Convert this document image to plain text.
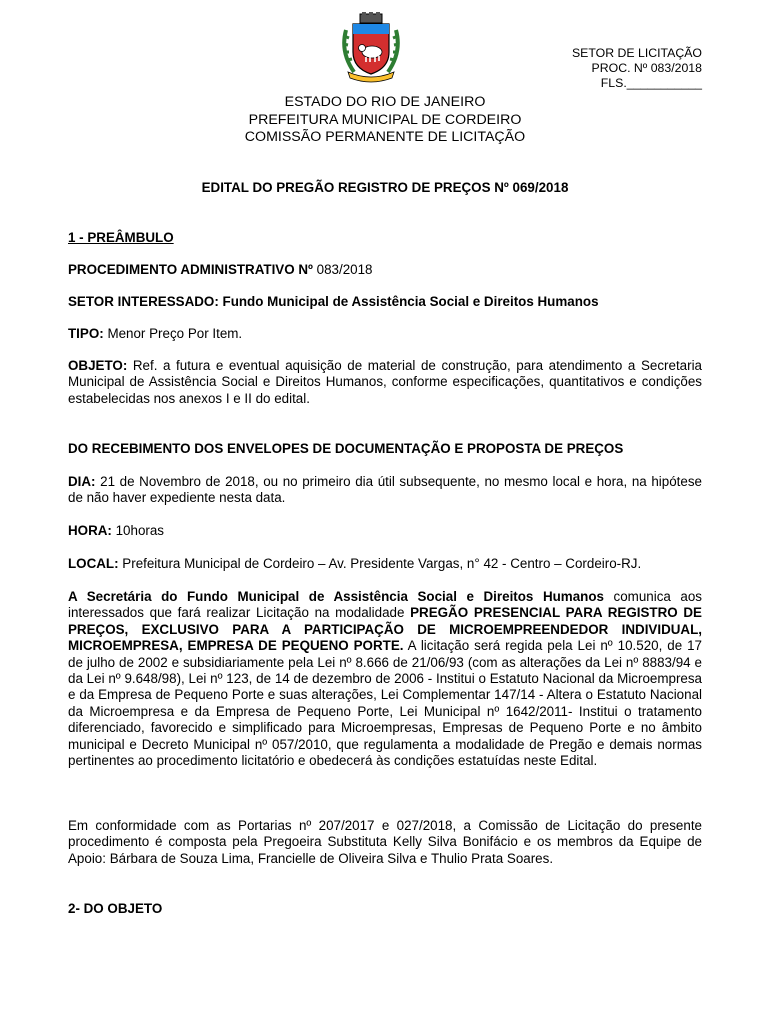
SETOR DE LICITAÇÃO
PROC. Nº 083/2018
FLS.___________
ESTADO DO RIO DE JANEIRO
PREFEITURA MUNICIPAL DE CORDEIRO
COMISSÃO PERMANENTE DE LICITAÇÃO
EDITAL DO PREGÃO REGISTRO DE PREÇOS Nº 069/2018
1 - PREÂMBULO
PROCEDIMENTO ADMINISTRATIVO Nº 083/2018
SETOR INTERESSADO: Fundo Municipal de Assistência Social e Direitos Humanos
TIPO: Menor Preço Por Item.
OBJETO: Ref. a futura e eventual aquisição de material de construção, para atendimento a Secretaria Municipal de Assistência Social e Direitos Humanos, conforme especificações, quantitativos e condições estabelecidas nos anexos I e II do edital.
DO RECEBIMENTO DOS ENVELOPES DE DOCUMENTAÇÃO E PROPOSTA DE PREÇOS
DIA: 21 de Novembro de 2018, ou no primeiro dia útil subsequente, no mesmo local e hora, na hipótese de não haver expediente nesta data.
HORA: 10horas
LOCAL: Prefeitura Municipal de Cordeiro – Av. Presidente Vargas, n° 42 - Centro – Cordeiro-RJ.
A Secretária do Fundo Municipal de Assistência Social e Direitos Humanos comunica aos interessados que fará realizar Licitação na modalidade PREGÃO PRESENCIAL PARA REGISTRO DE PREÇOS, EXCLUSIVO PARA A PARTICIPAÇÃO DE MICROEMPREENDEDOR INDIVIDUAL, MICROEMPRESA, EMPRESA DE PEQUENO PORTE. A licitação será regida pela Lei nº 10.520, de 17 de julho de 2002 e subsidiariamente pela Lei nº 8.666 de 21/06/93 (com as alterações da Lei nº 8883/94 e da Lei nº 9.648/98), Lei nº 123, de 14 de dezembro de 2006 - Institui o Estatuto Nacional da Microempresa e da Empresa de Pequeno Porte e suas alterações, Lei Complementar 147/14 - Altera o Estatuto Nacional da Microempresa e da Empresa de Pequeno Porte, Lei Municipal nº 1642/2011- Institui o tratamento diferenciado, favorecido e simplificado para Microempresas, Empresas de Pequeno Porte e no âmbito municipal e Decreto Municipal nº 057/2010, que regulamenta a modalidade de Pregão e demais normas pertinentes ao procedimento licitatório e obedecerá às condições estatuídas neste Edital.
Em conformidade com as Portarias nº 207/2017 e 027/2018, a Comissão de Licitação do presente procedimento é composta pela Pregoeira Substituta Kelly Silva Bonifácio e os membros da Equipe de Apoio: Bárbara de Souza Lima, Francielle de Oliveira Silva e Thulio Prata Soares.
2- DO OBJETO
